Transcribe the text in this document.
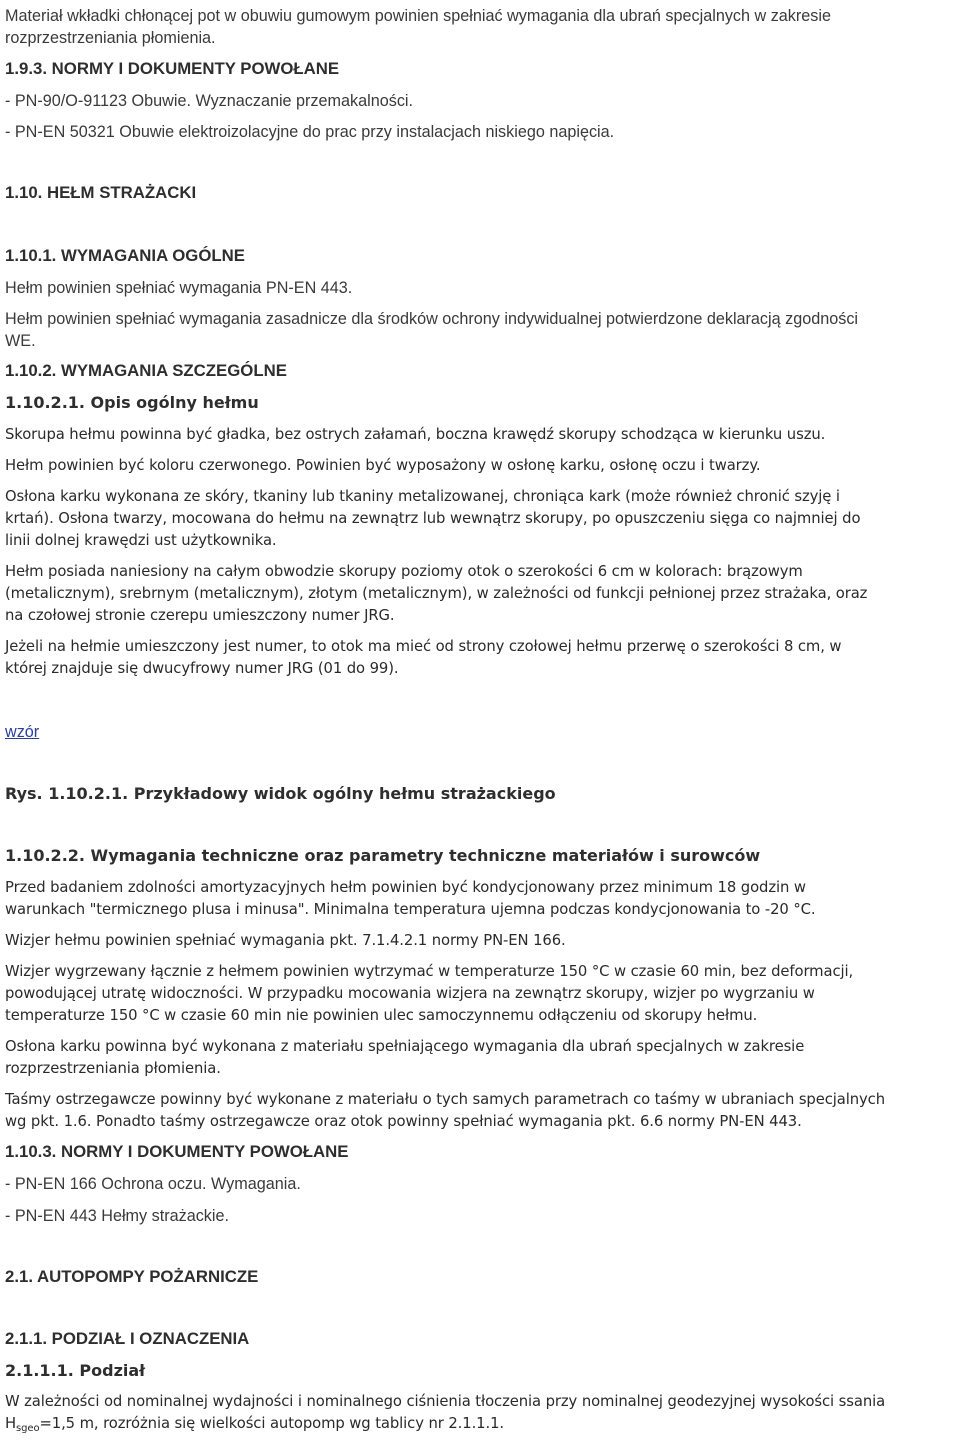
Materiał wkładki chłonącej pot w obuwiu gumowym powinien spełniać wymagania dla ubrań specjalnych w zakresie
rozprzestrzeniania płomienia.
1.9.3. NORMY I DOKUMENTY POWOŁANE
- PN-90/O-91123 Obuwie. Wyznaczanie przemakalności.
- PN-EN 50321 Obuwie elektroizolacyjne do prac przy instalacjach niskiego napięcia.
1.10. HEŁM STRAŻACKI
1.10.1. WYMAGANIA OGÓLNE
Hełm powinien spełniać wymagania PN-EN 443.
Hełm powinien spełniać wymagania zasadnicze dla środków ochrony indywidualnej potwierdzone deklaracją zgodności
WE.
1.10.2. WYMAGANIA SZCZEGÓLNE
1.10.2.1. Opis ogólny hełmu
Skorupa hełmu powinna być gładka, bez ostrych załamań, boczna krawędź skorupy schodząca w kierunku uszu.
Hełm powinien być koloru czerwonego. Powinien być wyposażony w osłonę karku, osłonę oczu i twarzy.
Osłona karku wykonana ze skóry, tkaniny lub tkaniny metalizowanej, chroniąca kark (może również chronić szyję i
krtań). Osłona twarzy, mocowana do hełmu na zewnątrz lub wewnątrz skorupy, po opuszczeniu sięga co najmniej do
linii dolnej krawędzi ust użytkownika.
Hełm posiada naniesiony na całym obwodzie skorupy poziomy otok o szerokości 6 cm w kolorach: brązowym
(metalicznym), srebrnym (metalicznym), złotym (metalicznym), w zależności od funkcji pełnionej przez strażaka, oraz
na czołowej stronie czerepu umieszczony numer JRG.
Jeżeli na hełmie umieszczony jest numer, to otok ma mieć od strony czołowej hełmu przerwę o szerokości 8 cm, w
której znajduje się dwucyfrowy numer JRG (01 do 99).
wzór
Rys. 1.10.2.1. Przykładowy widok ogólny hełmu strażackiego
1.10.2.2. Wymagania techniczne oraz parametry techniczne materiałów i surowców
Przed badaniem zdolności amortyzacyjnych hełm powinien być kondycjonowany przez minimum 18 godzin w
warunkach "termicznego plusa i minusa". Minimalna temperatura ujemna podczas kondycjonowania to -20 °C.
Wizjer hełmu powinien spełniać wymagania pkt. 7.1.4.2.1 normy PN-EN 166.
Wizjer wygrzewany łącznie z hełmem powinien wytrzymać w temperaturze 150 °C w czasie 60 min, bez deformacji,
powodującej utratę widoczności. W przypadku mocowania wizjera na zewnątrz skorupy, wizjer po wygrzaniu w
temperaturze 150 °C w czasie 60 min nie powinien ulec samoczynnemu odłączeniu od skorupy hełmu.
Osłona karku powinna być wykonana z materiału spełniającego wymagania dla ubrań specjalnych w zakresie
rozprzestrzeniania płomienia.
Taśmy ostrzegawcze powinny być wykonane z materiału o tych samych parametrach co taśmy w ubraniach specjalnych
wg pkt. 1.6. Ponadto taśmy ostrzegawcze oraz otok powinny spełniać wymagania pkt. 6.6 normy PN-EN 443.
1.10.3. NORMY I DOKUMENTY POWOŁANE
- PN-EN 166 Ochrona oczu. Wymagania.
- PN-EN 443 Hełmy strażackie.
2.1. AUTOPOMPY POŻARNICZE
2.1.1. PODZIAŁ I OZNACZENIA
2.1.1.1. Podział
W zależności od nominalnej wydajności i nominalnego ciśnienia tłoczenia przy nominalnej geodezyjnej wysokości ssania
$H_{sgeo}=1,5$ m, rozróżnia się wielkości autopomp wg tablicy nr 2.1.1.1.
